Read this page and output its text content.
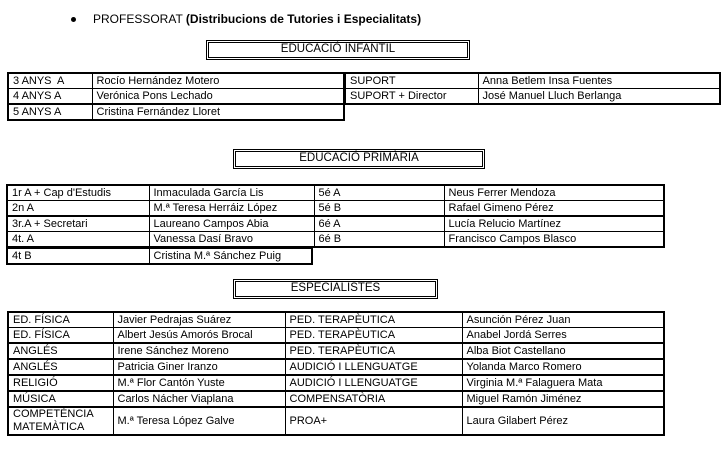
PROFESSORAT (Distribucions de Tutories i Especialitats)
EDUCACIÓ INFANTIL
3 ANYS  A	Rocío Hernández Motero
4 ANYS A	Verónica Pons Lechado
5 ANYS A	Cristina Fernández Lloret
SUPORT	Anna Betlem Insa Fuentes
SUPORT + Director	José Manuel Lluch Berlanga
EDUCACIÓ PRIMÀRIA
1r A + Cap d'Estudis	Inmaculada García Lis	5é A	Neus Ferrer Mendoza
2n A	M.ª Teresa Herráiz López	5é B	Rafael Gimeno Pérez
3r.A + Secretari	Laureano Campos Abia	6é A	Lucía Relucio Martínez
4t. A	Vanessa Dasí Bravo	6é B	Francisco Campos Blasco
4t B	Cristina M.ª Sánchez Puig
ESPECIALISTES
ED. FÍSICA	Javier Pedrajas Suárez	PED. TERAPÈUTICA	Asunción Pérez Juan
ED. FÍSICA	Albert Jesús Amorós Brocal	PED. TERAPÈUTICA	Anabel Jordá Serres
ANGLÉS	Irene Sánchez Moreno	PED. TERAPÈUTICA	Alba Biot Castellano
ANGLÉS	Patricia Giner Iranzo	AUDICIÓ I LLENGUATGE	Yolanda Marco Romero
RELIGIÓ	M.ª Flor Cantón Yuste	AUDICIÓ I LLENGUATGE	Virginia M.ª Falaguera Mata
MÚSICA	Carlos Nácher Viaplana	COMPENSATÒRIA	Miguel Ramón Jiménez
COMPETÈNCIA MATEMÀTICA	M.ª Teresa López Galve	PROA+	Laura Gilabert Pérez
